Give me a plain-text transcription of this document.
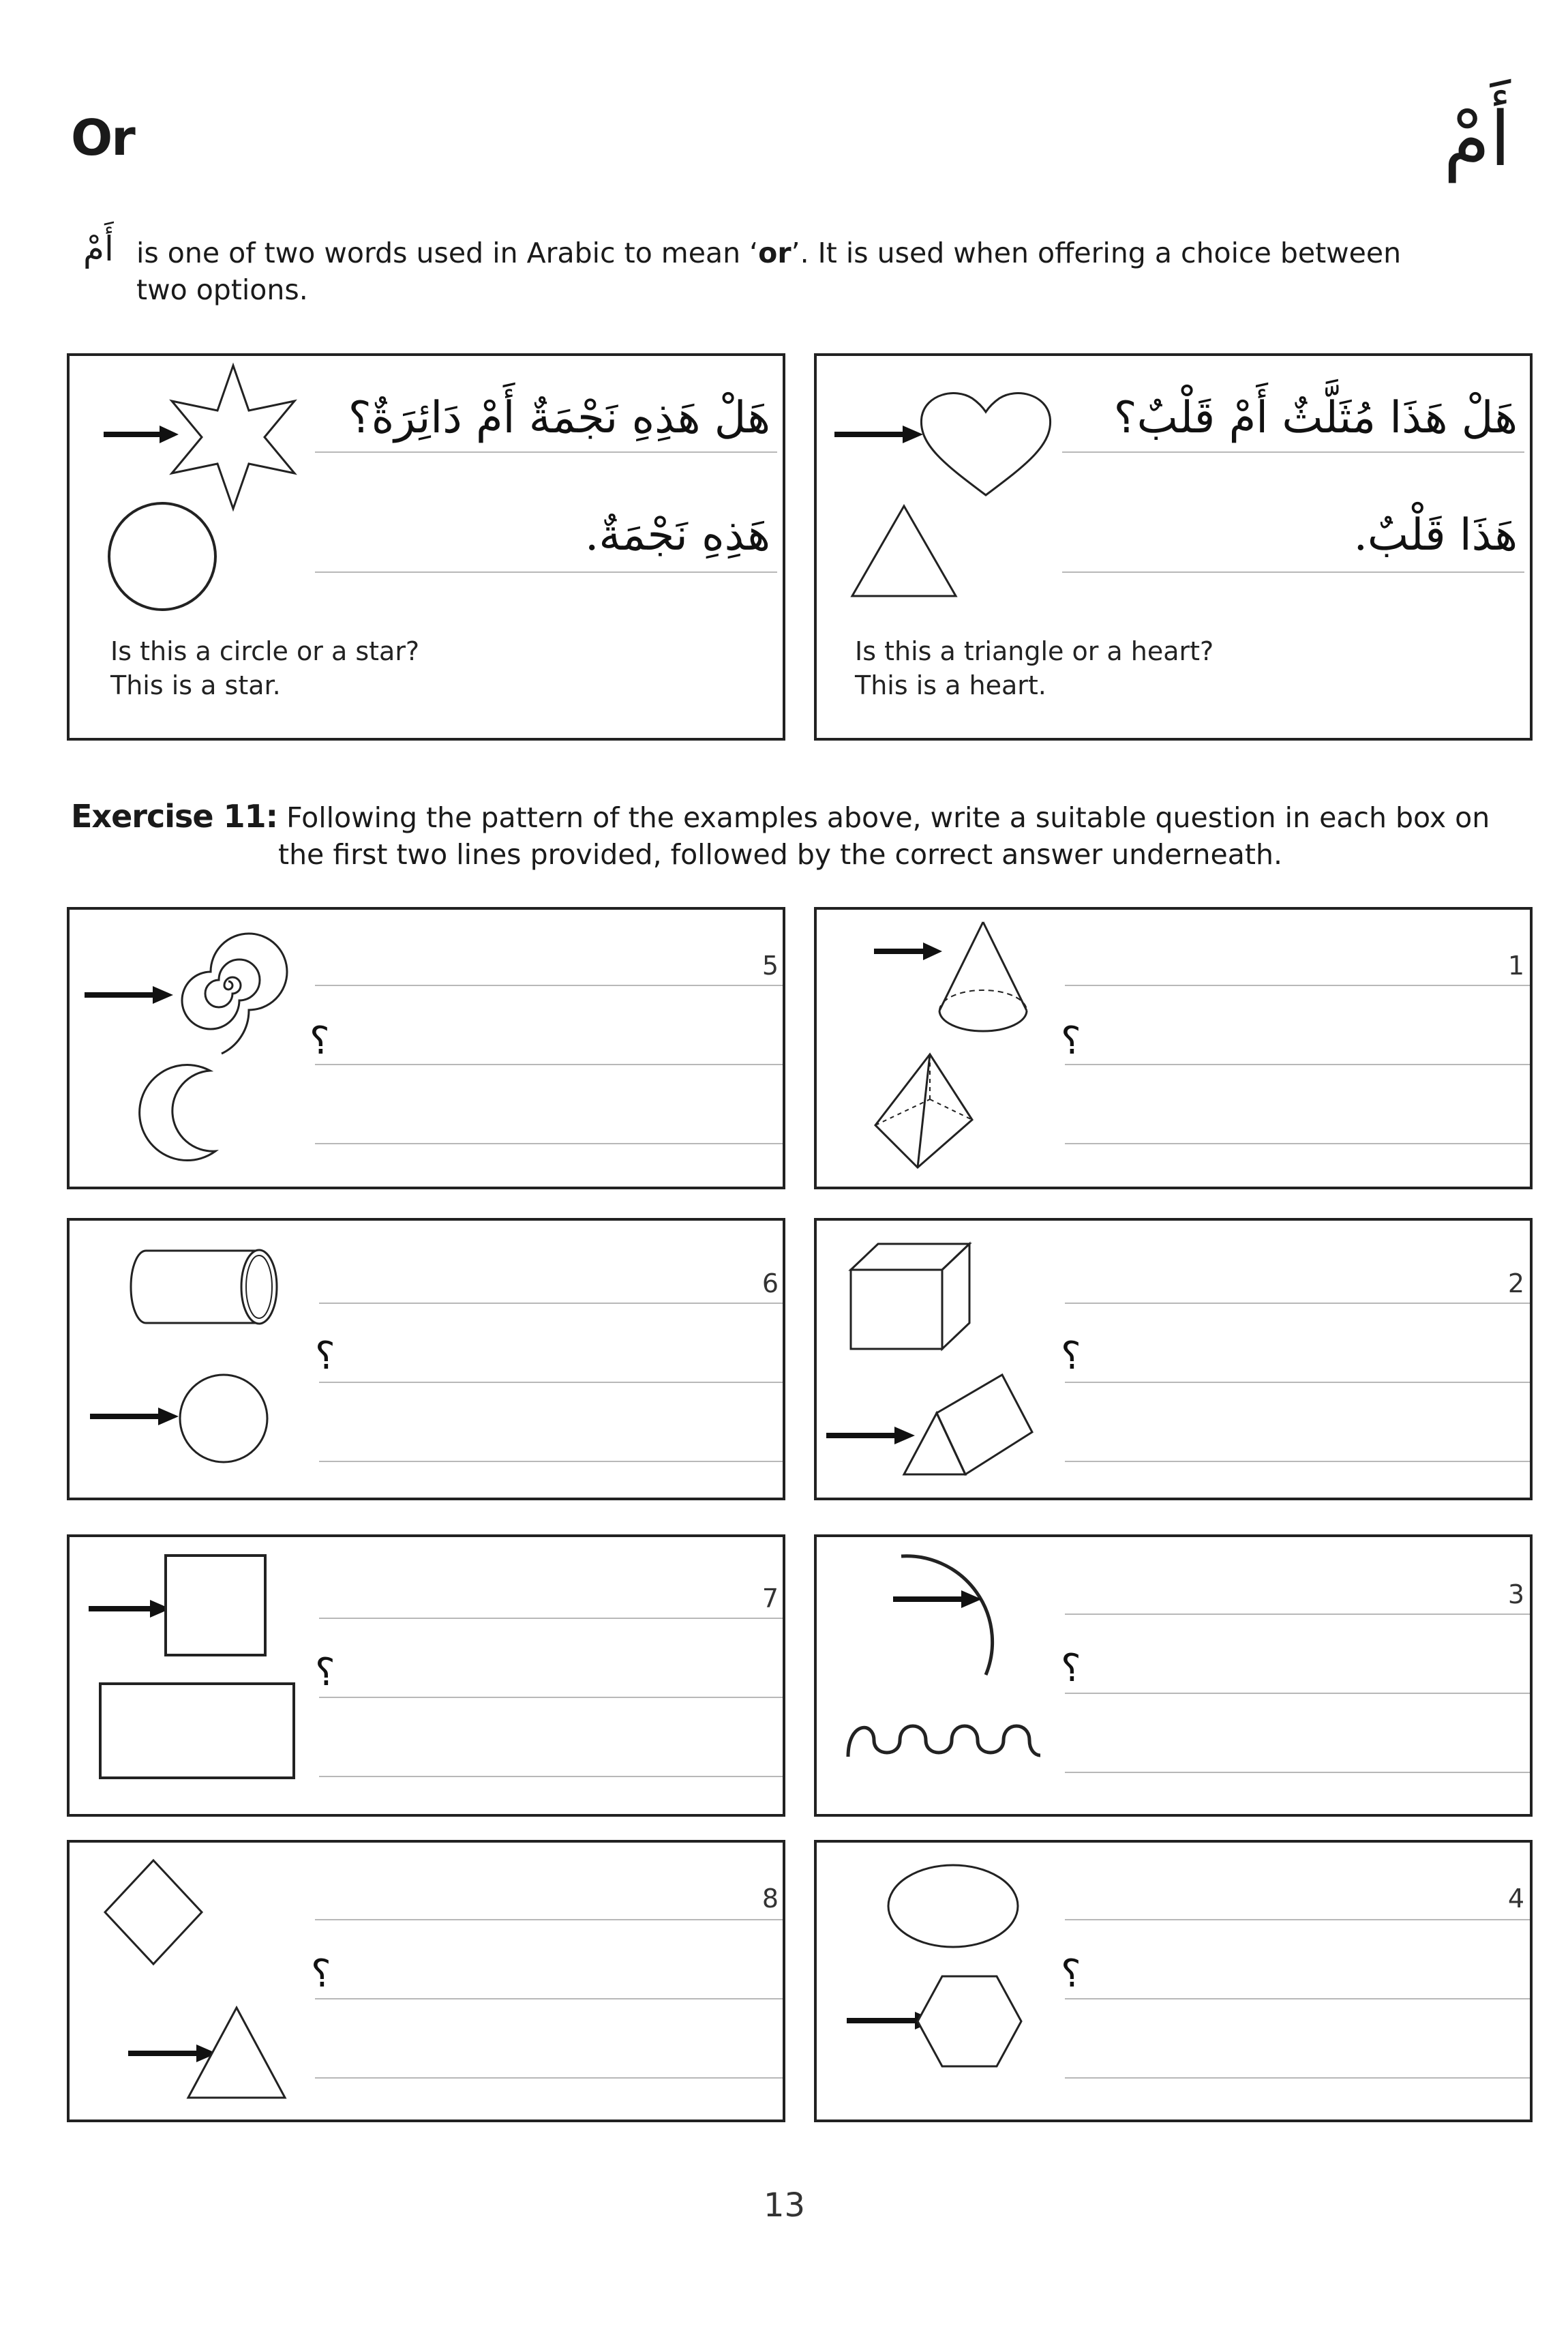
Or	أَمْ
أَمْ is one of two words used in Arabic to mean ‘or’. It is used when offering a choice between
two options.
هَلْ هَذِهِ نَجْمَةٌ أَمْ دَائِرَةٌ؟
هَذِهِ نَجْمَةٌ.
Is this a circle or a star?
This is a star.
هَلْ هَذَا مُثَلَّثٌ أَمْ قَلْبٌ؟
هَذَا قَلْبٌ.
Is this a triangle or a heart?
This is a heart.
Exercise 11: Following the pattern of the examples above, write a suitable question in each box on
the first two lines provided, followed by the correct answer underneath.
5
؟
1
؟
6
؟
2
؟
7
؟
3
؟
8
؟
4
؟
13
